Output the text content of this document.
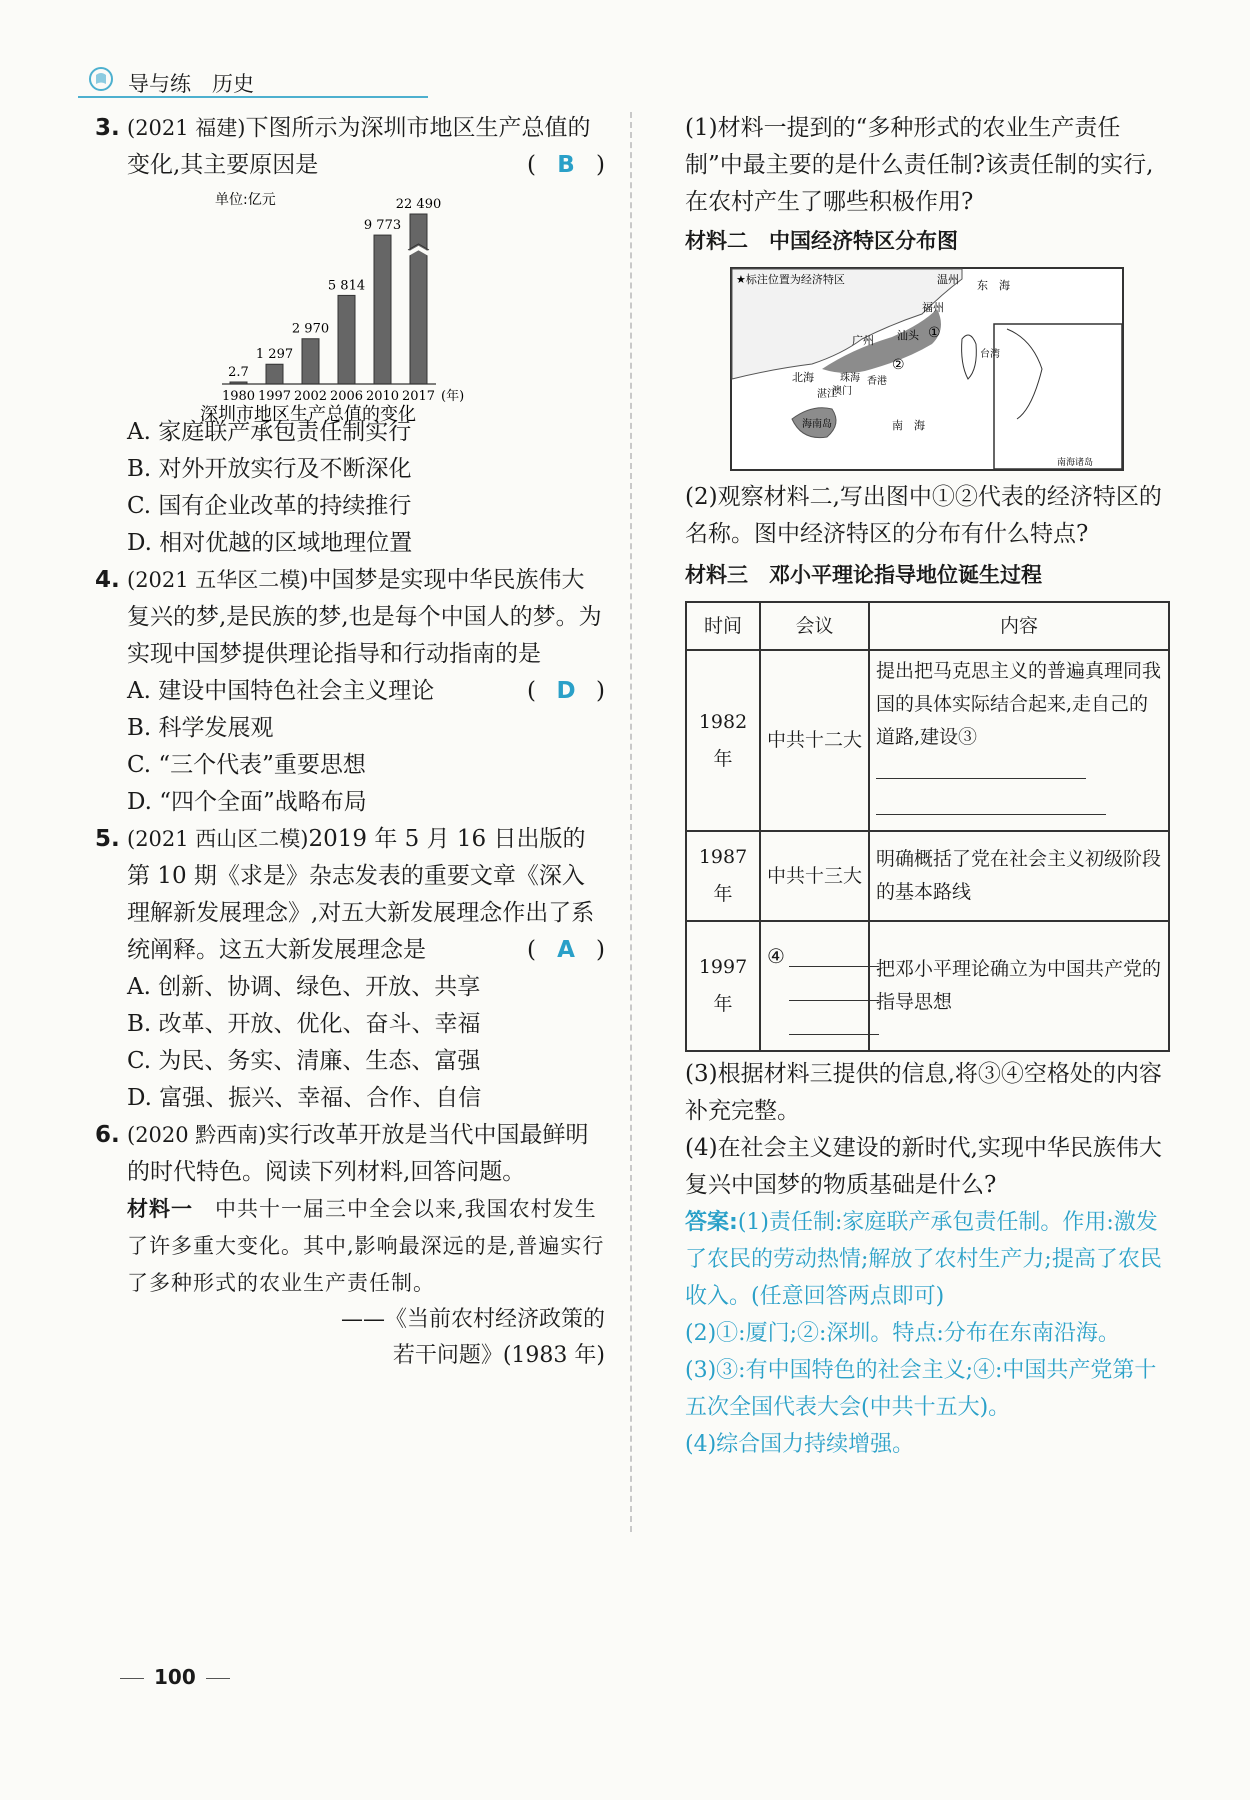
导与练　历史
3. (2021 福建)下图所示为深圳市地区生产总值的变化,其主要原因是
	( B )
单位:亿元
2.7
1980
1 297
1997
2 970
2002
5 814
2006
9 773
2010
22 490
2017 (年)
深圳市地区生产总值的变化
A. 家庭联产承包责任制实行
B. 对外开放实行及不断深化
C. 国有企业改革的持续推行
D. 相对优越的区域地理位置
4. (2021 五华区二模)中国梦是实现中华民族伟大复兴的梦,是民族的梦,也是每个中国人的梦。为实现中国梦提供理论指导和行动指南的是
( D )
A. 建设中国特色社会主义理论
B. 科学发展观
C. “三个代表”重要思想
D. “四个全面”战略布局
5. (2021 西山区二模)2019 年 5 月 16 日出版的第 10 期《求是》杂志发表的重要文章《深入理解新发展理念》,对五大新发展理念作出了系统阐释。这五大新发展理念是	( A )
A. 创新、协调、绿色、开放、共享
B. 改革、开放、优化、奋斗、幸福
C. 为民、务实、清廉、生态、富强
D. 富强、振兴、幸福、合作、自信
6. (2020 黔西南)实行改革开放是当代中国最鲜明的时代特色。阅读下列材料,回答问题。
材料一　 中共十一届三中全会以来,我国农村发生了许多重大变化。其中,影响最深远的是,普遍实行了多种形式的农业生产责任制。
——《当前农村经济政策的
若干问题》(1983 年)
(1)材料一提到的“多种形式的农业生产责任制”中最主要的是什么责任制?该责任制的实行,在农村产生了哪些积极作用?
材料二　中国经济特区分布图
★标注位置为经济特区	温州 东　海
福州
台湾
汕头
广州
北海	珠海
澳门
香港
湛江
海南岛	南　海
南海诸岛
①
②
(2)观察材料二,写出图中①②代表的经济特区的名称。图中经济特区的分布有什么特点?
材料三　邓小平理论指导地位诞生过程
时间	会议	内容
1982 年	中共十二大	提出把马克思主义的普遍真理同我国的具体实际结合起来,走自己的道路,建设③

1987 年	中共十三大	明确概括了党在社会主义初级阶段的基本路线
1997 年	④	把邓小平理论确立为中国共产党的指导思想
(3)根据材料三提供的信息,将③④空格处的内容补充完整。
(4)在社会主义建设的新时代,实现中华民族伟大复兴中国梦的物质基础是什么?
答案:(1)责任制:家庭联产承包责任制。作用:激发了农民的劳动热情;解放了农村生产力;提高了农民收入。(任意回答两点即可)
(2)①:厦门;②:深圳。特点:分布在东南沿海。
(3)③:有中国特色的社会主义;④:中国共产党第十五次全国代表大会(中共十五大)。
(4)综合国力持续增强。
100
